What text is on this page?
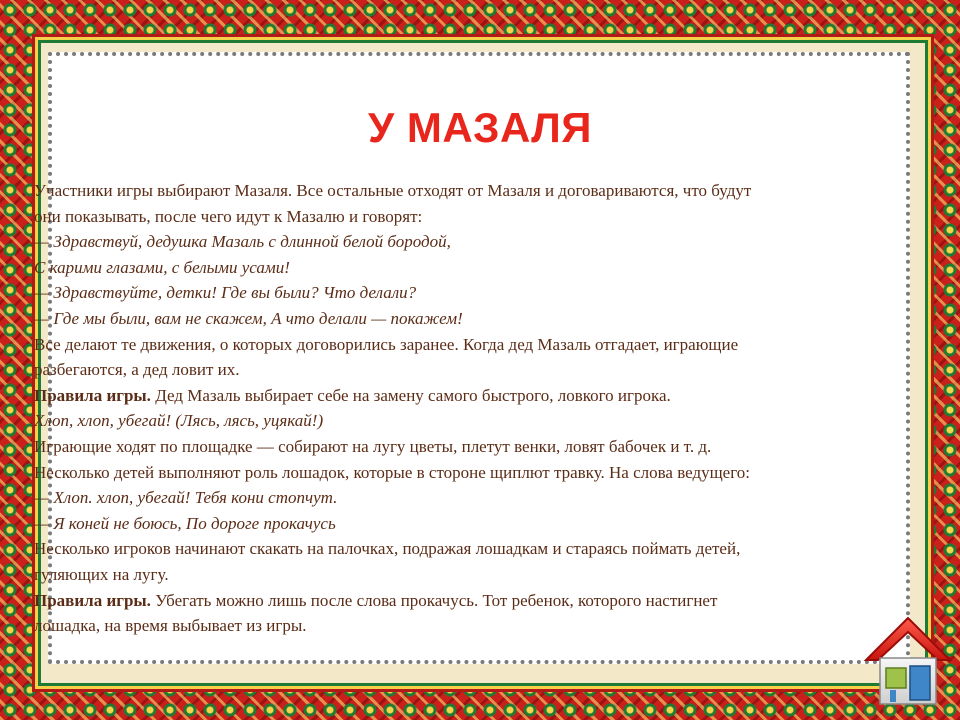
У МАЗАЛЯ

Участники игры выбирают Мазаля. Все остальные отходят от Мазаля и договариваются, что будут

они показывать, после чего идут к Мазалю и говорят:

— Здравствуй, дедушка Мазаль с длинной белой бородой,

С карими глазами, с белыми усами!

— Здравствуйте, детки! Где вы были? Что делали?

— Где мы были, вам не скажем, А что делали — покажем!

Все делают те движения, о которых договорились заранее. Когда дед Мазаль отгадает, играющие

разбегаются, а дед ловит их.

Правила игры. Дед Мазаль выбирает себе на замену самого быстрого, ловкого игрока.

Хлоп, хлоп, убегай! (Лясь, лясь, уцякай!)

Играющие ходят по площадке — собирают на лугу цветы, плетут венки, ловят бабочек и т. д.

Несколько детей выполняют роль лошадок, которые в стороне щиплют травку. На слова ведущего:

— Хлоп. хлоп, убегай! Тебя кони стопчут.

— Я коней не боюсь, По дороге прокачусь

Несколько игроков начинают скакать на палочках, подражая лошадкам и стараясь поймать детей,

гуляющих на лугу.

Правила игры. Убегать можно лишь после слова прокачусь. Тот ребенок, которого настигнет

лошадка, на время выбывает из игры.
